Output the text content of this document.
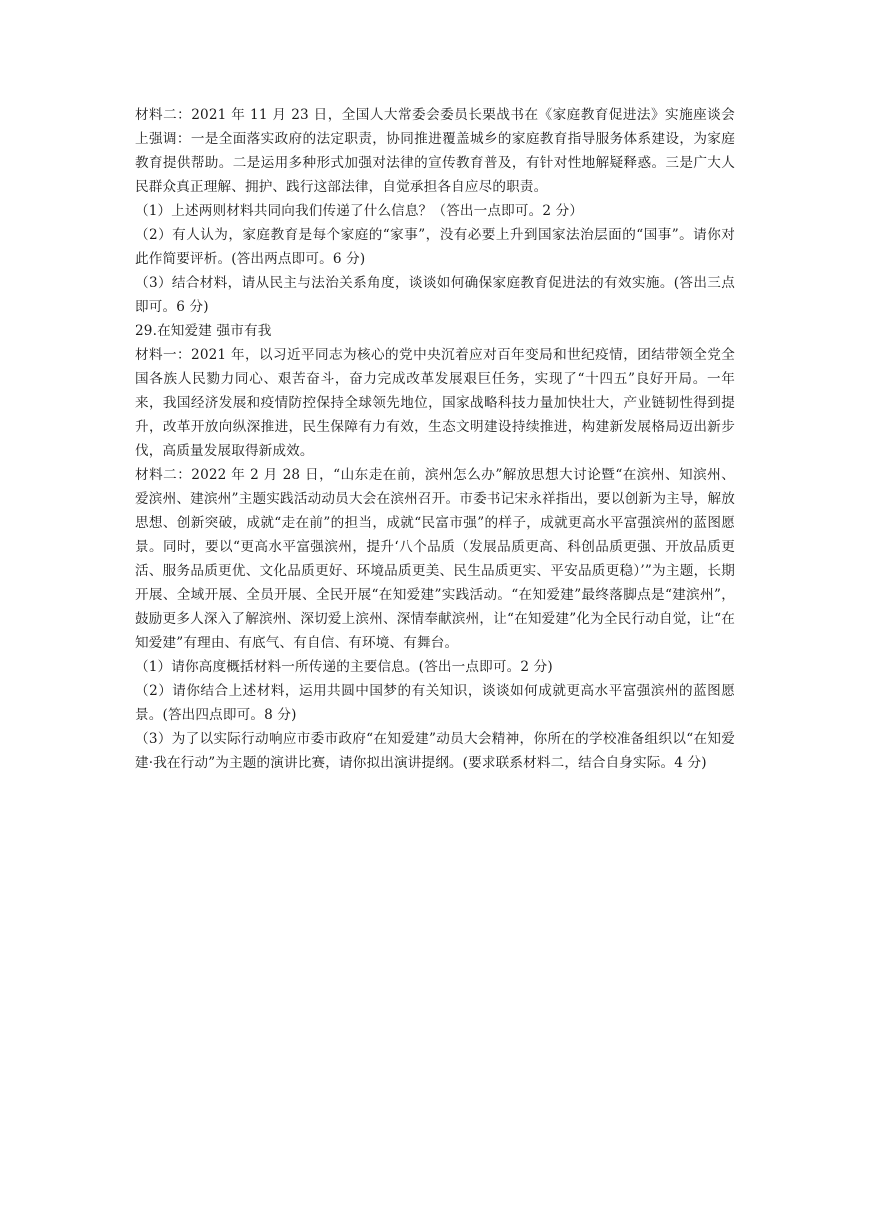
材料二：2021 年 11 月 23 日，全国人大常委会委员长栗战书在《家庭教育促进法》实施座谈会上强调：一是全面落实政府的法定职责，协同推进覆盖城乡的家庭教育指导服务体系建设，为家庭教育提供帮助。二是运用多种形式加强对法律的宣传教育普及，有针对性地解疑释惑。三是广大人民群众真正理解、拥护、践行这部法律，自觉承担各自应尽的职责。

（1）上述两则材料共同向我们传递了什么信息？（答出一点即可。2 分）

（2）有人认为，家庭教育是每个家庭的“家事”，没有必要上升到国家法治层面的“国事”。请你对此作简要评析。(答出两点即可。6 分)

（3）结合材料，请从民主与法治关系角度，谈谈如何确保家庭教育促进法的有效实施。(答出三点即可。6 分)

29.在知爱建 强市有我

材料一：2021 年，以习近平同志为核心的党中央沉着应对百年变局和世纪疫情，团结带领全党全国各族人民勠力同心、艰苦奋斗，奋力完成改革发展艰巨任务，实现了“十四五”良好开局。一年来，我国经济发展和疫情防控保持全球领先地位，国家战略科技力量加快壮大，产业链韧性得到提升，改革开放向纵深推进，民生保障有力有效，生态文明建设持续推进，构建新发展格局迈出新步伐，高质量发展取得新成效。

材料二：2022 年 2 月 28 日，“山东走在前，滨州怎么办”解放思想大讨论暨“在滨州、知滨州、爱滨州、建滨州”主题实践活动动员大会在滨州召开。市委书记宋永祥指出，要以创新为主导，解放思想、创新突破，成就“走在前”的担当，成就“民富市强”的样子，成就更高水平富强滨州的蓝图愿景。同时，要以“更高水平富强滨州，提升‘八个品质（发展品质更高、科创品质更强、开放品质更活、服务品质更优、文化品质更好、环境品质更美、民生品质更实、平安品质更稳）’”为主题，长期开展、全域开展、全员开展、全民开展“在知爱建”实践活动。“在知爱建”最终落脚点是“建滨州”，鼓励更多人深入了解滨州、深切爱上滨州、深情奉献滨州，让“在知爱建”化为全民行动自觉，让“在知爱建”有理由、有底气、有自信、有环境、有舞台。

（1）请你高度概括材料一所传递的主要信息。(答出一点即可。2 分)

（2）请你结合上述材料，运用共圆中国梦的有关知识，谈谈如何成就更高水平富强滨州的蓝图愿景。(答出四点即可。8 分)

（3）为了以实际行动响应市委市政府“在知爱建”动员大会精神，你所在的学校准备组织以“在知爱建·我在行动”为主题的演讲比赛，请你拟出演讲提纲。(要求联系材料二，结合自身实际。4 分)
